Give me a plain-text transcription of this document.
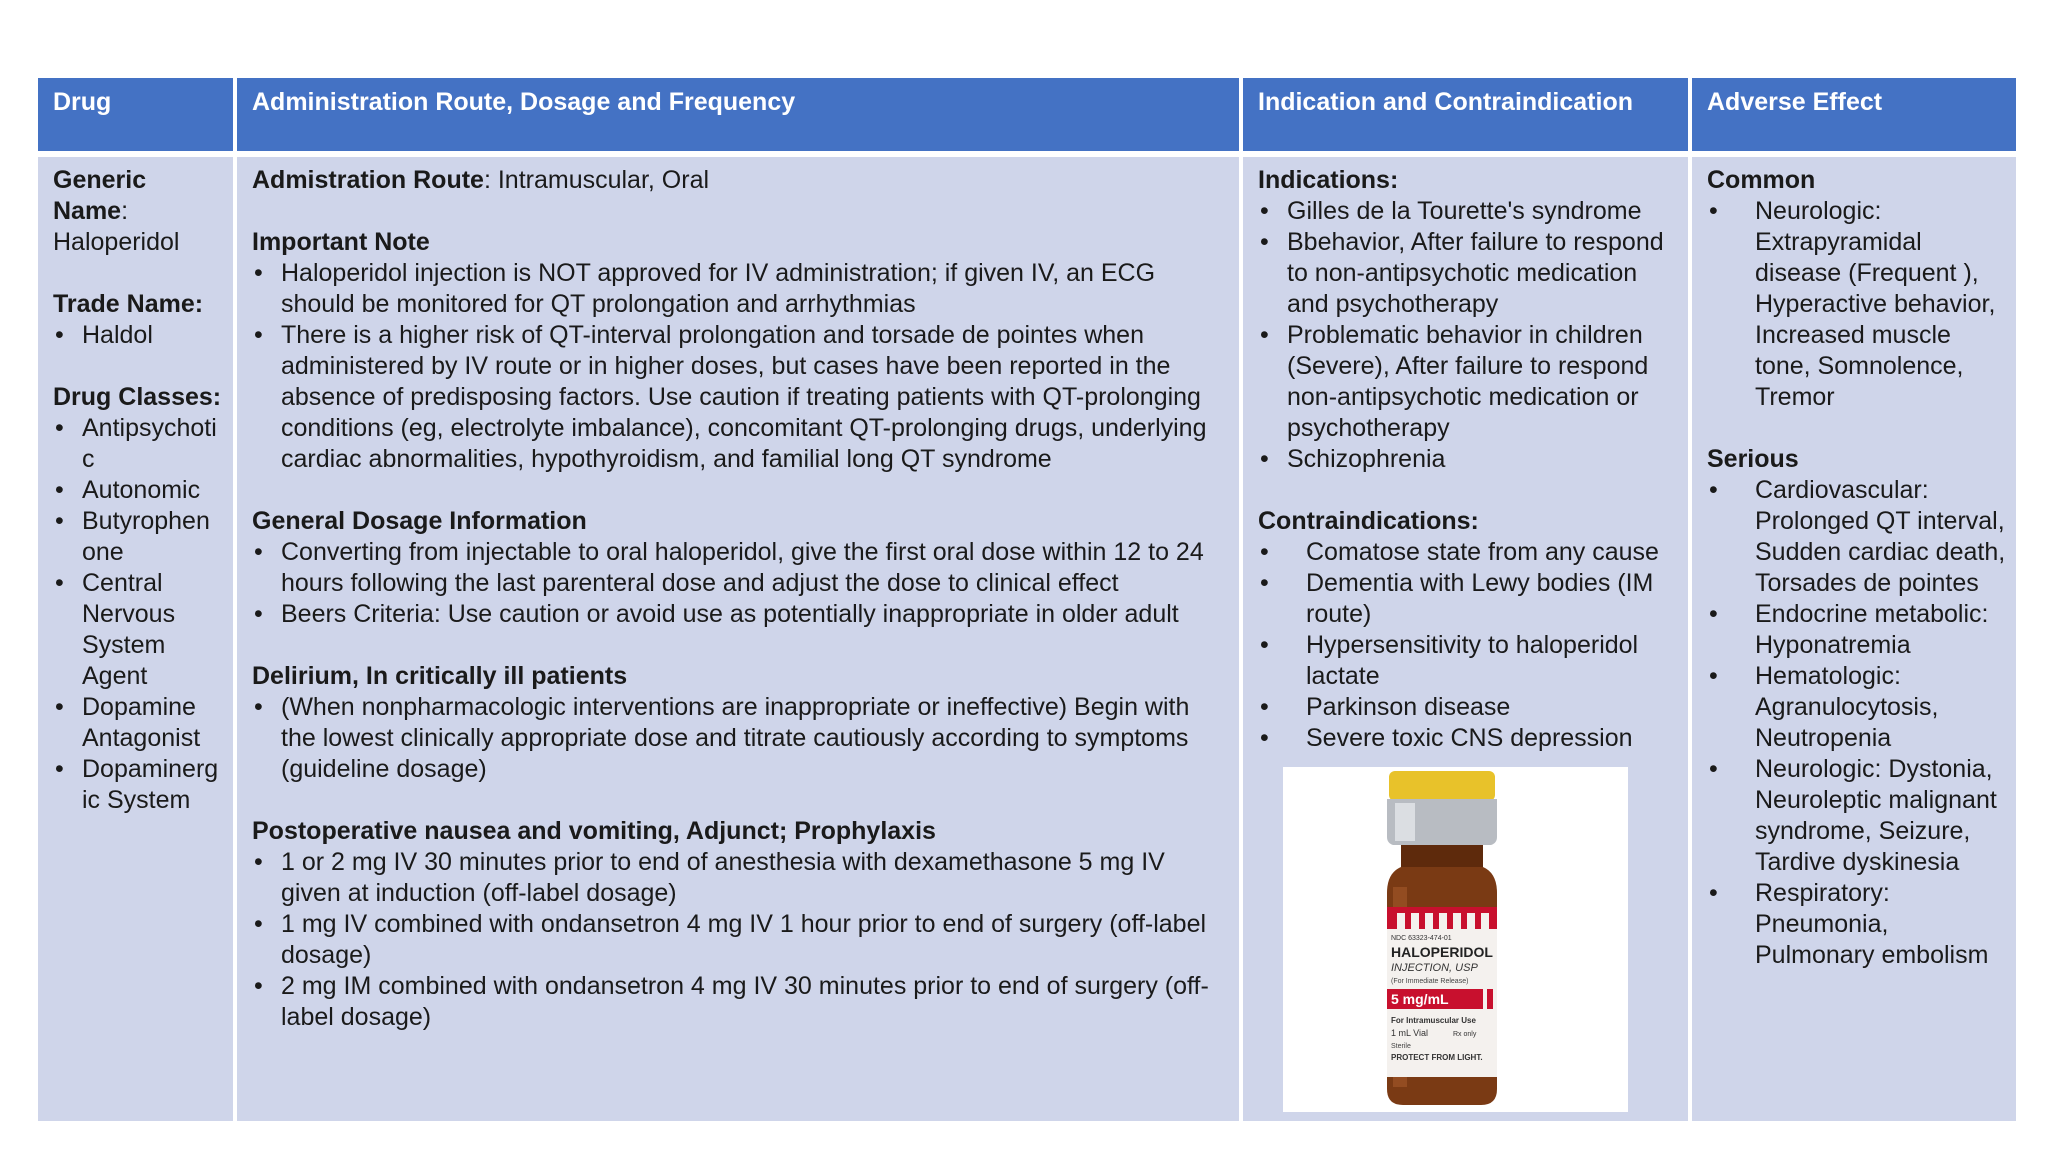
Drug
Generic Name:
Haloperidol
Trade Name:
• Haldol
Drug Classes:
• Antipsychotic
• Autonomic
• Butyrophenone
• Central Nervous System Agent
• Dopamine Antagonist
• Dopaminergic System
Administration Route, Dosage and Frequency
Admistration Route: Intramuscular, Oral
Important Note
• Haloperidol injection is NOT approved for IV administration; if given IV, an ECG should be monitored for QT prolongation and arrhythmias
• There is a higher risk of QT-interval prolongation and torsade de pointes when administered by IV route or in higher doses, but cases have been reported in the absence of predisposing factors. Use caution if treating patients with QT-prolonging conditions (eg, electrolyte imbalance), concomitant QT-prolonging drugs, underlying cardiac abnormalities, hypothyroidism, and familial long QT syndrome
General Dosage Information
• Converting from injectable to oral haloperidol, give the first oral dose within 12 to 24 hours following the last parenteral dose and adjust the dose to clinical effect
• Beers Criteria: Use caution or avoid use as potentially inappropriate in older adult
Delirium, In critically ill patients
• (When nonpharmacologic interventions are inappropriate or ineffective) Begin with the lowest clinically appropriate dose and titrate cautiously according to symptoms (guideline dosage)
Postoperative nausea and vomiting, Adjunct; Prophylaxis
• 1 or 2 mg IV 30 minutes prior to end of anesthesia with dexamethasone 5 mg IV given at induction (off-label dosage)
• 1 mg IV combined with ondansetron 4 mg IV 1 hour prior to end of surgery (off-label dosage)
• 2 mg IM combined with ondansetron 4 mg IV 30 minutes prior to end of surgery (off-label dosage)
Indication and Contraindication
Indications:
• Gilles de la Tourette's syndrome
• Bbehavior, After failure to respond to non-antipsychotic medication and psychotherapy
• Problematic behavior in children (Severe), After failure to respond non-antipsychotic medication or psychotherapy
• Schizophrenia
Contraindications:
• Comatose state from any cause
• Dementia with Lewy bodies (IM route)
• Hypersensitivity to haloperidol lactate
• Parkinson disease
• Severe toxic CNS depression
NDC 63323-474-01
HALOPERIDOL
INJECTION, USP
(For Immediate Release)
5 mg/mL
For Intramuscular Use
1 mL Vial	Rx only
Sterile
PROTECT FROM LIGHT.
Adverse Effect
Common
• Neurologic: Extrapyramidal disease (Frequent ), Hyperactive behavior, Increased muscle tone, Somnolence, Tremor
Serious
• Cardiovascular: Prolonged QT interval, Sudden cardiac death, Torsades de pointes
• Endocrine metabolic: Hyponatremia
• Hematologic: Agranulocytosis, Neutropenia
• Neurologic: Dystonia, Neuroleptic malignant syndrome, Seizure, Tardive dyskinesia
• Respiratory: Pneumonia, Pulmonary embolism
